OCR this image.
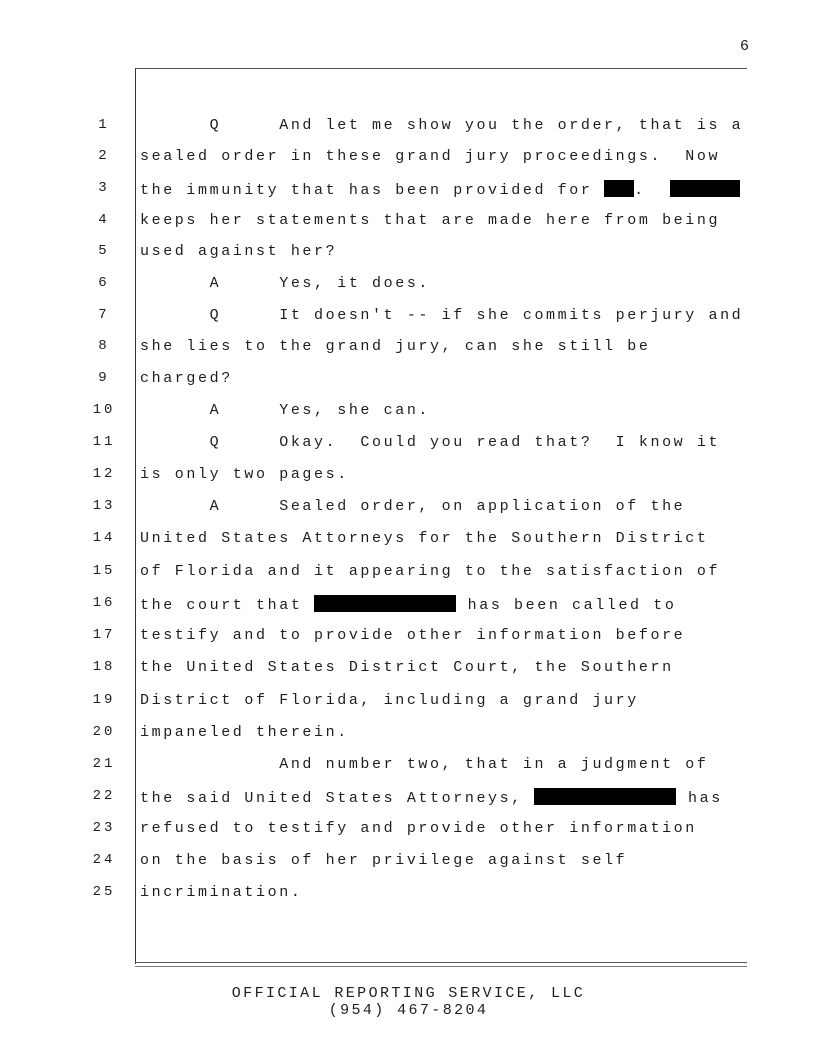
6
1	Q     And let me show you the order, that is a
2	sealed order in these grand jury proceedings.  Now
3	the immunity that has been provided for .
4	keeps her statements that are made here from being
5	used against her?
6	A     Yes, it does.
7	Q     It doesn't -- if she commits perjury and
8	she lies to the grand jury, can she still be
9	charged?
10	A     Yes, she can.
11	Q     Okay.  Could you read that?  I know it
12	is only two pages.
13	A     Sealed order, on application of the
14	United States Attorneys for the Southern District
15	of Florida and it appearing to the satisfaction of
16	the court that	has been called to
17	testify and to provide other information before
18	the United States District Court, the Southern
19	District of Florida, including a grand jury
20	impaneled therein.
21	And number two, that in a judgment of
22	the said United States Attorneys,	has
23	refused to testify and provide other information
24	on the basis of her privilege against self
25	incrimination.
OFFICIAL REPORTING SERVICE, LLC
(954) 467-8204
